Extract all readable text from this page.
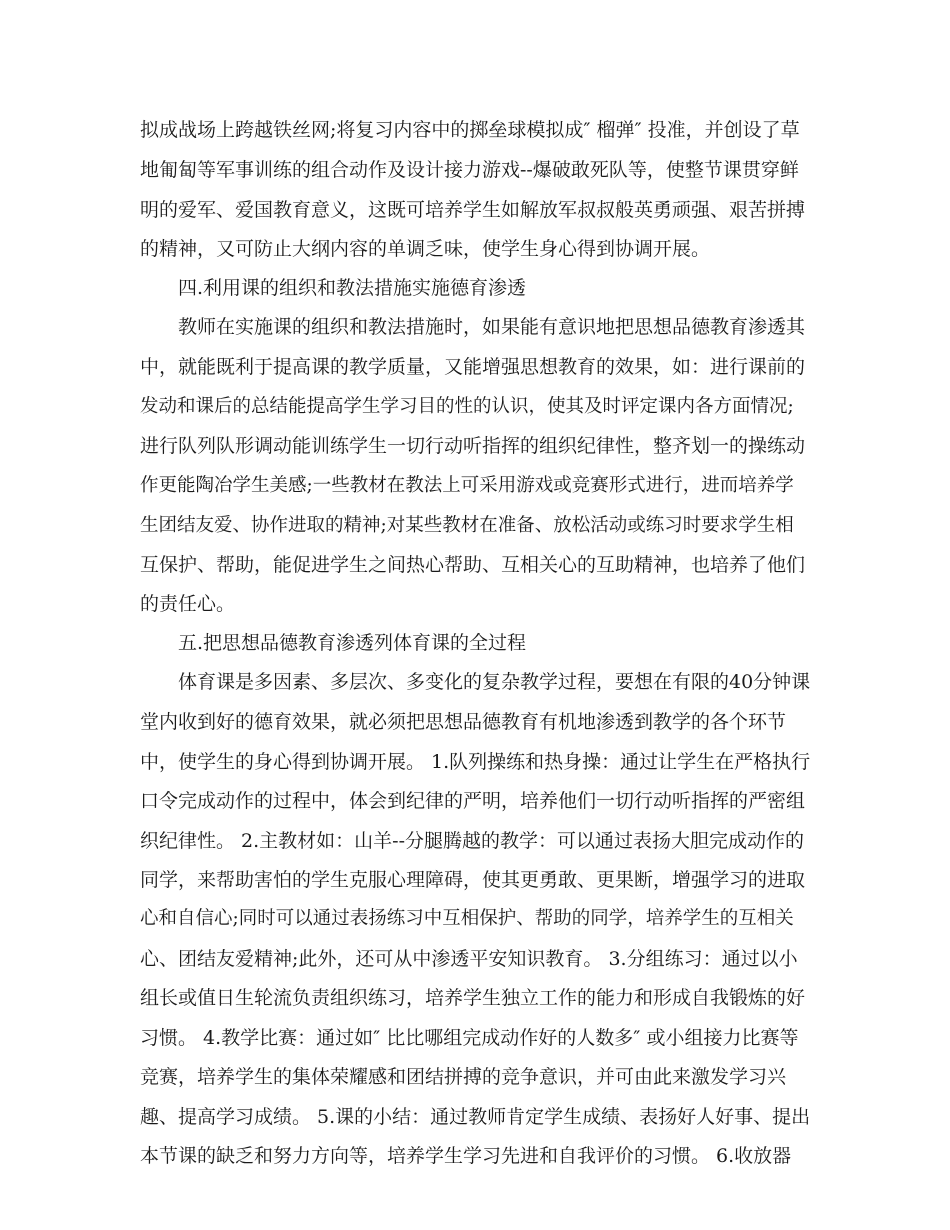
拟成战场上跨越铁丝网;将复习内容中的掷垒球模拟成″ 榴弹″ 投准，并创设了草
地匍匐等军事训练的组合动作及设计接力游戏--爆破敢死队等，使整节课贯穿鲜
明的爱军、爱国教育意义，这既可培养学生如解放军叔叔般英勇顽强、艰苦拼搏
的精神，又可防止大纲内容的单调乏味，使学生身心得到协调开展。
四.利用课的组织和教法措施实施德育渗透
教师在实施课的组织和教法措施时，如果能有意识地把思想品德教育渗透其
中，就能既利于提高课的教学质量，又能增强思想教育的效果，如：进行课前的
发动和课后的总结能提高学生学习目的性的认识，使其及时评定课内各方面情况;
进行队列队形调动能训练学生一切行动听指挥的组织纪律性，整齐划一的操练动
作更能陶冶学生美感;一些教材在教法上可采用游戏或竞赛形式进行，进而培养学
生团结友爱、协作进取的精神;对某些教材在准备、放松活动或练习时要求学生相
互保护、帮助，能促进学生之间热心帮助、互相关心的互助精神，也培养了他们
的责任心。
五.把思想品德教育渗透列体育课的全过程
体育课是多因素、多层次、多变化的复杂教学过程，要想在有限的40分钟课
堂内收到好的德育效果，就必须把思想品德教育有机地渗透到教学的各个环节
中，使学生的身心得到协调开展。 1.队列操练和热身操：通过让学生在严格执行
口令完成动作的过程中，体会到纪律的严明，培养他们一切行动听指挥的严密组
织纪律性。 2.主教材如：山羊--分腿腾越的教学：可以通过表扬大胆完成动作的
同学，来帮助害怕的学生克服心理障碍，使其更勇敢、更果断，增强学习的进取
心和自信心;同时可以通过表扬练习中互相保护、帮助的同学，培养学生的互相关
心、团结友爱精神;此外，还可从中渗透平安知识教育。 3.分组练习：通过以小
组长或值日生轮流负责组织练习，培养学生独立工作的能力和形成自我锻炼的好
习惯。 4.教学比赛：通过如″ 比比哪组完成动作好的人数多″ 或小组接力比赛等
竞赛，培养学生的集体荣耀感和团结拼搏的竞争意识，并可由此来激发学习兴
趣、提高学习成绩。 5.课的小结：通过教师肯定学生成绩、表扬好人好事、提出
本节课的缺乏和努力方向等，培养学生学习先进和自我评价的习惯。 6.收放器
